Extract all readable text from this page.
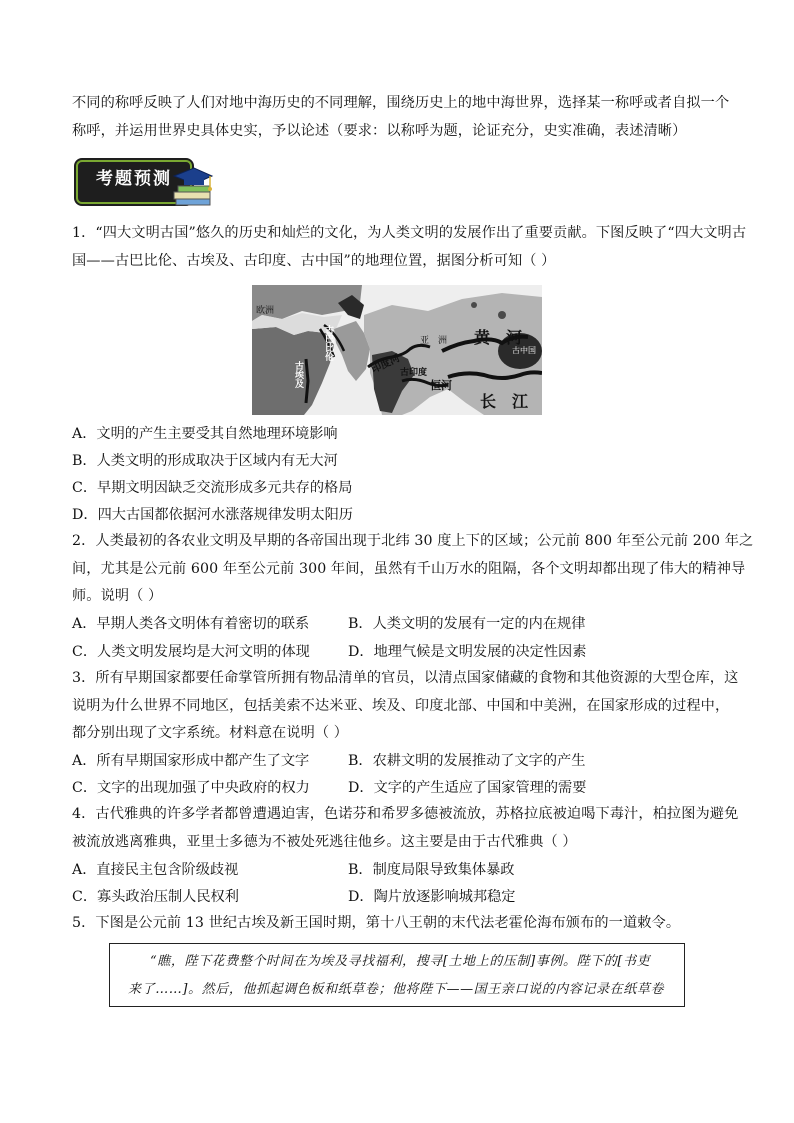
不同的称呼反映了人们对地中海历史的不同理解，围绕历史上的地中海世界，选择某一称呼或者自拟一个
称呼，并运用世界史具体史实，予以论述（要求：以称呼为题，论证充分，史实准确，表述清晰）

考题预测

1．“四大文明古国”悠久的历史和灿烂的文化，为人类文明的发展作出了重要贡献。下图反映了“四大文明古
国——古巴比伦、古埃及、古印度、古中国”的地理位置，据图分析可知（ ）

欧洲
古巴比伦
古埃及
亚　洲
印度河
古印度
恒河
黄　河
长　江
古中国
A．文明的产生主要受其自然地理环境影响
B．人类文明的形成取决于区域内有无大河
C．早期文明因缺乏交流形成多元共存的格局
D．四大古国都依据河水涨落规律发明太阳历

2．人类最初的各农业文明及早期的各帝国出现于北纬 30 度上下的区域；公元前 800 年至公元前 200 年之
间，尤其是公元前 600 年至公元前 300 年间，虽然有千山万水的阻隔，各个文明却都出现了伟大的精神导
师。说明（ ）

A．早期人类各文明体有着密切的联系	B．人类文明的发展有一定的内在规律
C．人类文明发展均是大河文明的体现	D．地理气候是文明发展的决定性因素

3．所有早期国家都要任命掌管所拥有物品清单的官员，以清点国家储藏的食物和其他资源的大型仓库，这
说明为什么世界不同地区，包括美索不达米亚、埃及、印度北部、中国和中美洲，在国家形成的过程中，
都分别出现了文字系统。材料意在说明（ ）

A．所有早期国家形成中都产生了文字	B．农耕文明的发展推动了文字的产生
C．文字的出现加强了中央政府的权力	D．文字的产生适应了国家管理的需要

4．古代雅典的许多学者都曾遭遇迫害，色诺芬和希罗多德被流放，苏格拉底被迫喝下毒汁，柏拉图为避免
被流放逃离雅典，亚里士多德为不被处死逃往他乡。这主要是由于古代雅典（ ）

A．直接民主包含阶级歧视	B．制度局限导致集体暴政
C．寡头政治压制人民权利	D．陶片放逐影响城邦稳定

5．下图是公元前 13 世纪古埃及新王国时期，第十八王朝的末代法老霍伦海布颁布的一道敕令。

“瞧，陛下花费整个时间在为埃及寻找福利，搜寻[土地上的压制]事例。陛下的[书吏
来了……]。然后，他抓起调色板和纸草卷；他将陛下——国王亲口说的内容记录在纸草卷
